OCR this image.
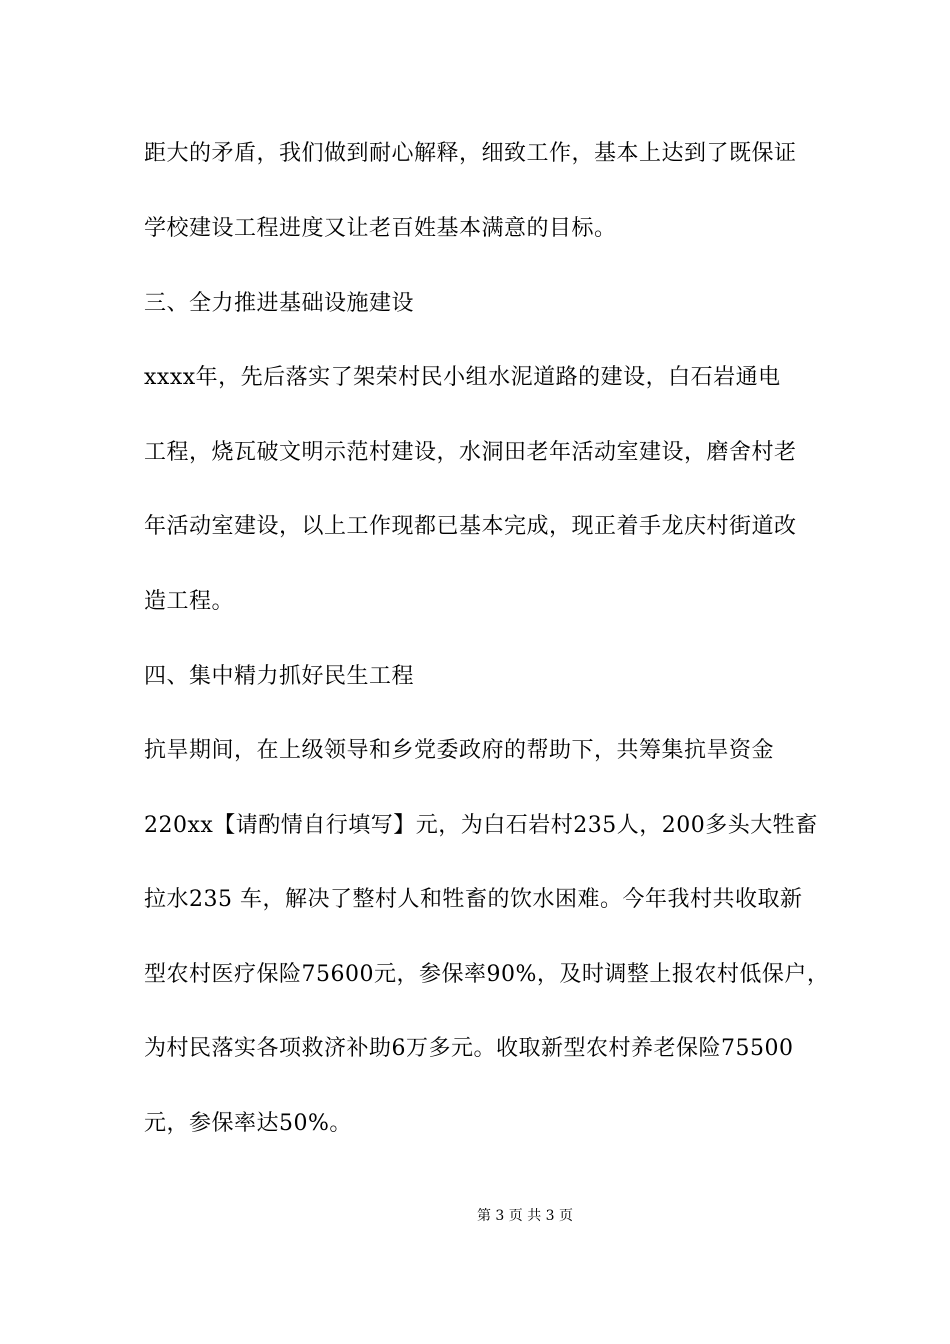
距大的矛盾，我们做到耐心解释，细致工作，基本上达到了既保证
学校建设工程进度又让老百姓基本满意的目标。
三、全力推进基础设施建设
xxxx年，先后落实了架荣村民小组水泥道路的建设，白石岩通电
工程，烧瓦破文明示范村建设，水洞田老年活动室建设，磨舍村老
年活动室建设，以上工作现都已基本完成，现正着手龙庆村街道改
造工程。
四、集中精力抓好民生工程
抗旱期间，在上级领导和乡党委政府的帮助下，共筹集抗旱资金
220xx【请酌情自行填写】元，为白石岩村235人，200多头大牲畜
拉水235 车，解决了整村人和牲畜的饮水困难。今年我村共收取新
型农村医疗保险75600元，参保率90%，及时调整上报农村低保户，
为村民落实各项救济补助6万多元。收取新型农村养老保险75500
元，参保率达50%。
第 3 页 共 3 页
